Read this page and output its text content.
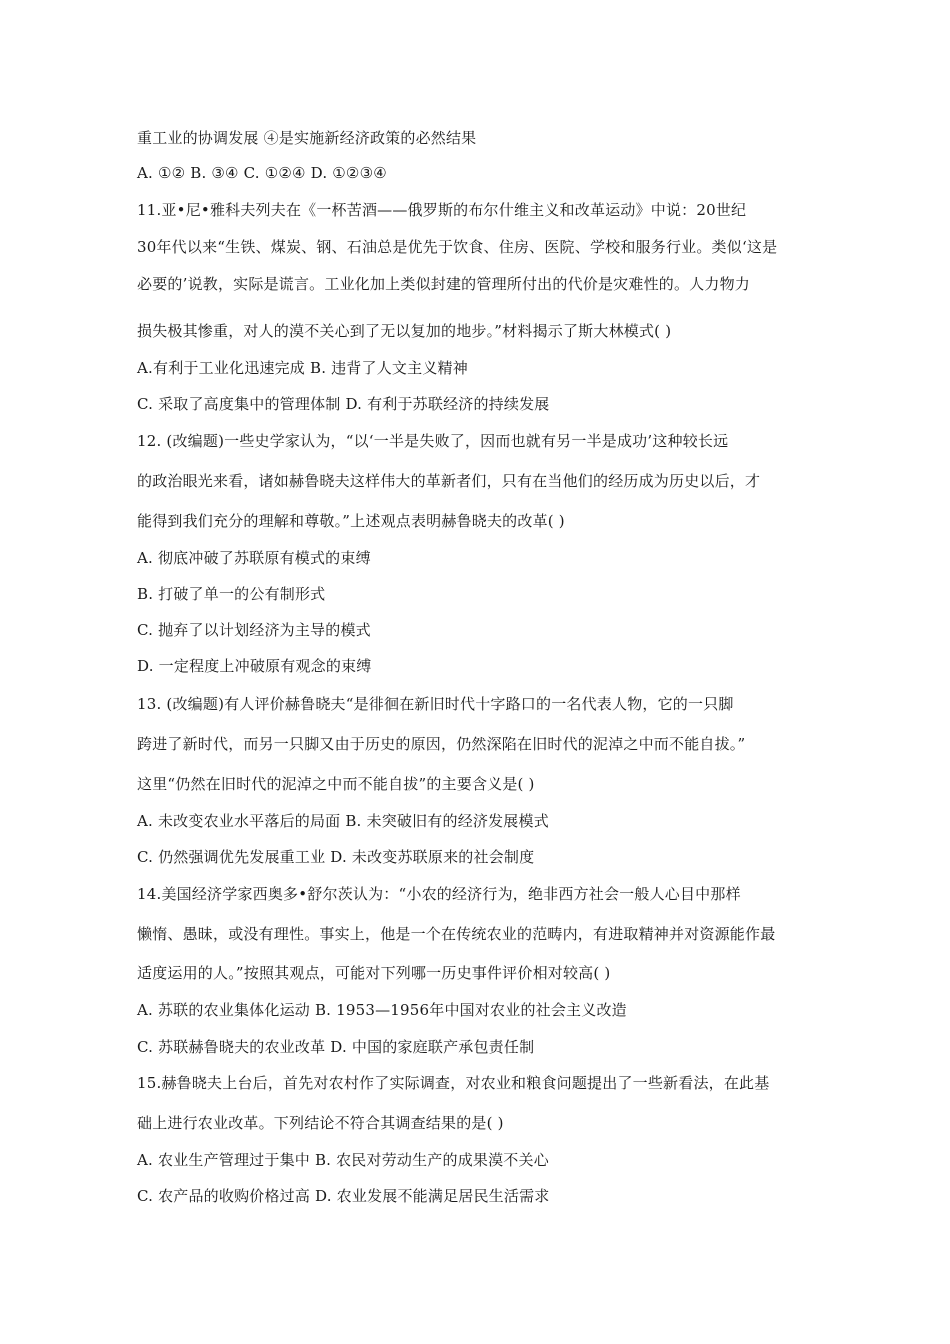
重工业的协调发展 ④是实施新经济政策的必然结果
A. ①② B. ③④ C. ①②④ D. ①②③④
11.亚•尼•雅科夫列夫在《一杯苦酒——俄罗斯的布尔什维主义和改革运动》中说：20世纪
30年代以来“生铁、煤炭、钢、石油总是优先于饮食、住房、医院、学校和服务行业。类似‘这是
必要的’说教，实际是谎言。工业化加上类似封建的管理所付出的代价是灾难性的。人力物力
损失极其惨重，对人的漠不关心到了无以复加的地步。”材料揭示了斯大林模式( )
A.有利于工业化迅速完成 B. 违背了人文主义精神
C. 采取了高度集中的管理体制 D. 有利于苏联经济的持续发展
12. (改编题)一些史学家认为，“以‘一半是失败了，因而也就有另一半是成功’这种较长远
的政治眼光来看，诸如赫鲁晓夫这样伟大的革新者们，只有在当他们的经历成为历史以后，才
能得到我们充分的理解和尊敬。”上述观点表明赫鲁晓夫的改革( )
A. 彻底冲破了苏联原有模式的束缚
B. 打破了单一的公有制形式
C. 抛弃了以计划经济为主导的模式
D. 一定程度上冲破原有观念的束缚
13. (改编题)有人评价赫鲁晓夫“是徘徊在新旧时代十字路口的一名代表人物，它的一只脚
跨进了新时代，而另一只脚又由于历史的原因，仍然深陷在旧时代的泥淖之中而不能自拔。”
这里“仍然在旧时代的泥淖之中而不能自拔”的主要含义是( )
A. 未改变农业水平落后的局面 B. 未突破旧有的经济发展模式
C. 仍然强调优先发展重工业 D. 未改变苏联原来的社会制度
14.美国经济学家西奥多•舒尔茨认为：“小农的经济行为，绝非西方社会一般人心目中那样
懒惰、愚昧，或没有理性。事实上，他是一个在传统农业的范畴内，有进取精神并对资源能作最
适度运用的人。”按照其观点，可能对下列哪一历史事件评价相对较高( )
A. 苏联的农业集体化运动 B. 1953—1956年中国对农业的社会主义改造
C. 苏联赫鲁晓夫的农业改革 D. 中国的家庭联产承包责任制
15.赫鲁晓夫上台后，首先对农村作了实际调查，对农业和粮食问题提出了一些新看法，在此基
础上进行农业改革。下列结论不符合其调查结果的是( )
A. 农业生产管理过于集中 B. 农民对劳动生产的成果漠不关心
C. 农产品的收购价格过高 D. 农业发展不能满足居民生活需求
